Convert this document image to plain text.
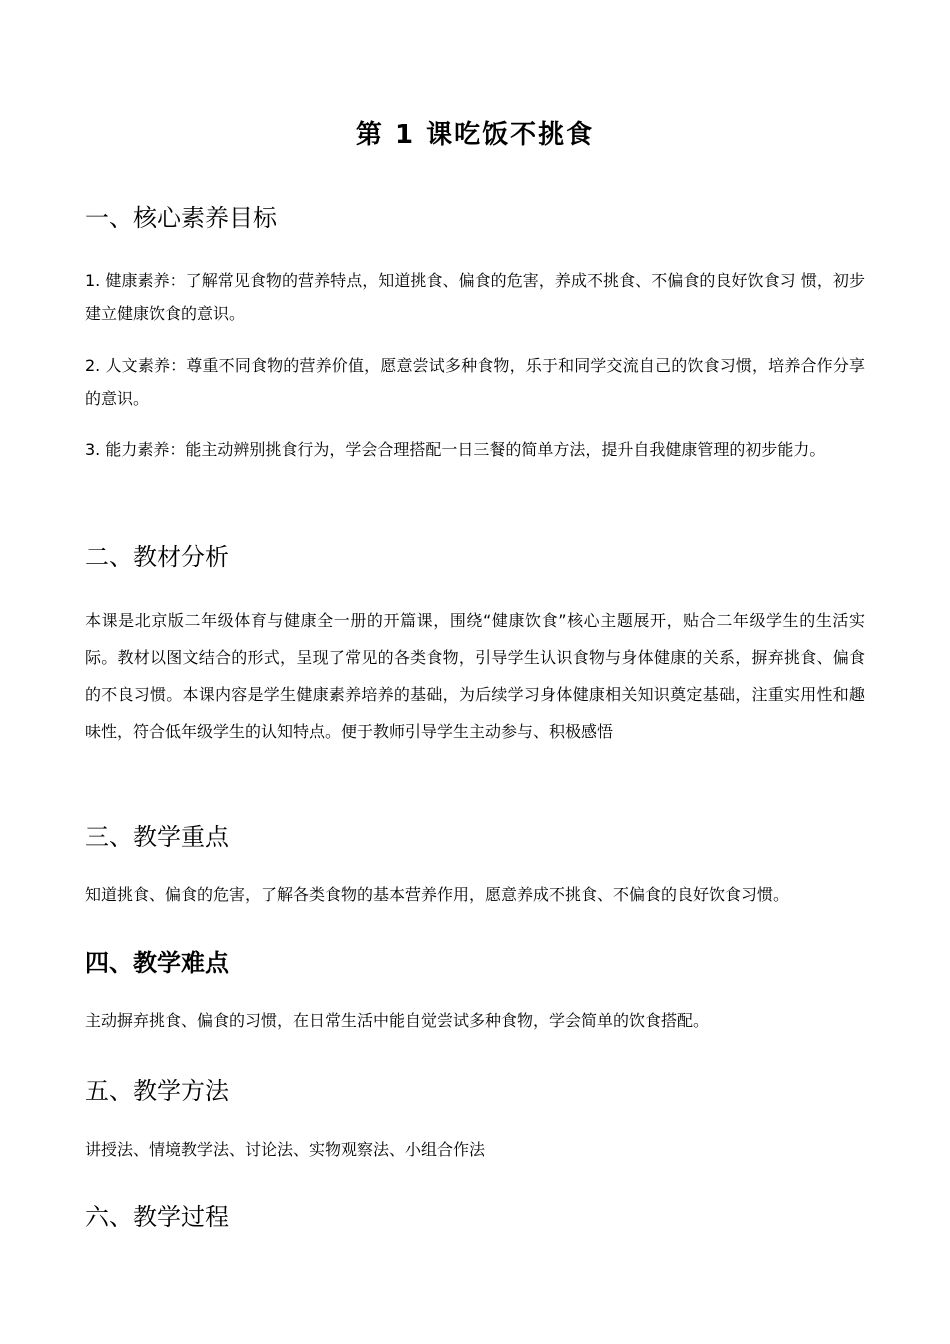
第 1 课吃饭不挑食
一、核心素养目标

1. 健康素养：了解常见食物的营养特点，知道挑食、偏食的危害，养成不挑食、不偏食的良好饮食习 惯，初步建立健康饮食的意识。

2. 人文素养：尊重不同食物的营养价值，愿意尝试多种食物，乐于和同学交流自己的饮食习惯，培养合作分享的意识。

3. 能力素养：能主动辨别挑食行为，学会合理搭配一日三餐的简单方法，提升自我健康管理的初步能力。

二、教材分析

本课是北京版二年级体育与健康全一册的开篇课，围绕“健康饮食”核心主题展开，贴合二年级学生的生活实际。教材以图文结合的形式，呈现了常见的各类食物，引导学生认识食物与身体健康的关系，摒弃挑食、偏食的不良习惯。本课内容是学生健康素养培养的基础，为后续学习身体健康相关知识奠定基础，注重实用性和趣味性，符合低年级学生的认知特点。便于教师引导学生主动参与、积极感悟

三、教学重点

知道挑食、偏食的危害，了解各类食物的基本营养作用，愿意养成不挑食、不偏食的良好饮食习惯。

四、教学难点

主动摒弃挑食、偏食的习惯，在日常生活中能自觉尝试多种食物，学会简单的饮食搭配。

五、教学方法

讲授法、情境教学法、讨论法、实物观察法、小组合作法

六、教学过程
